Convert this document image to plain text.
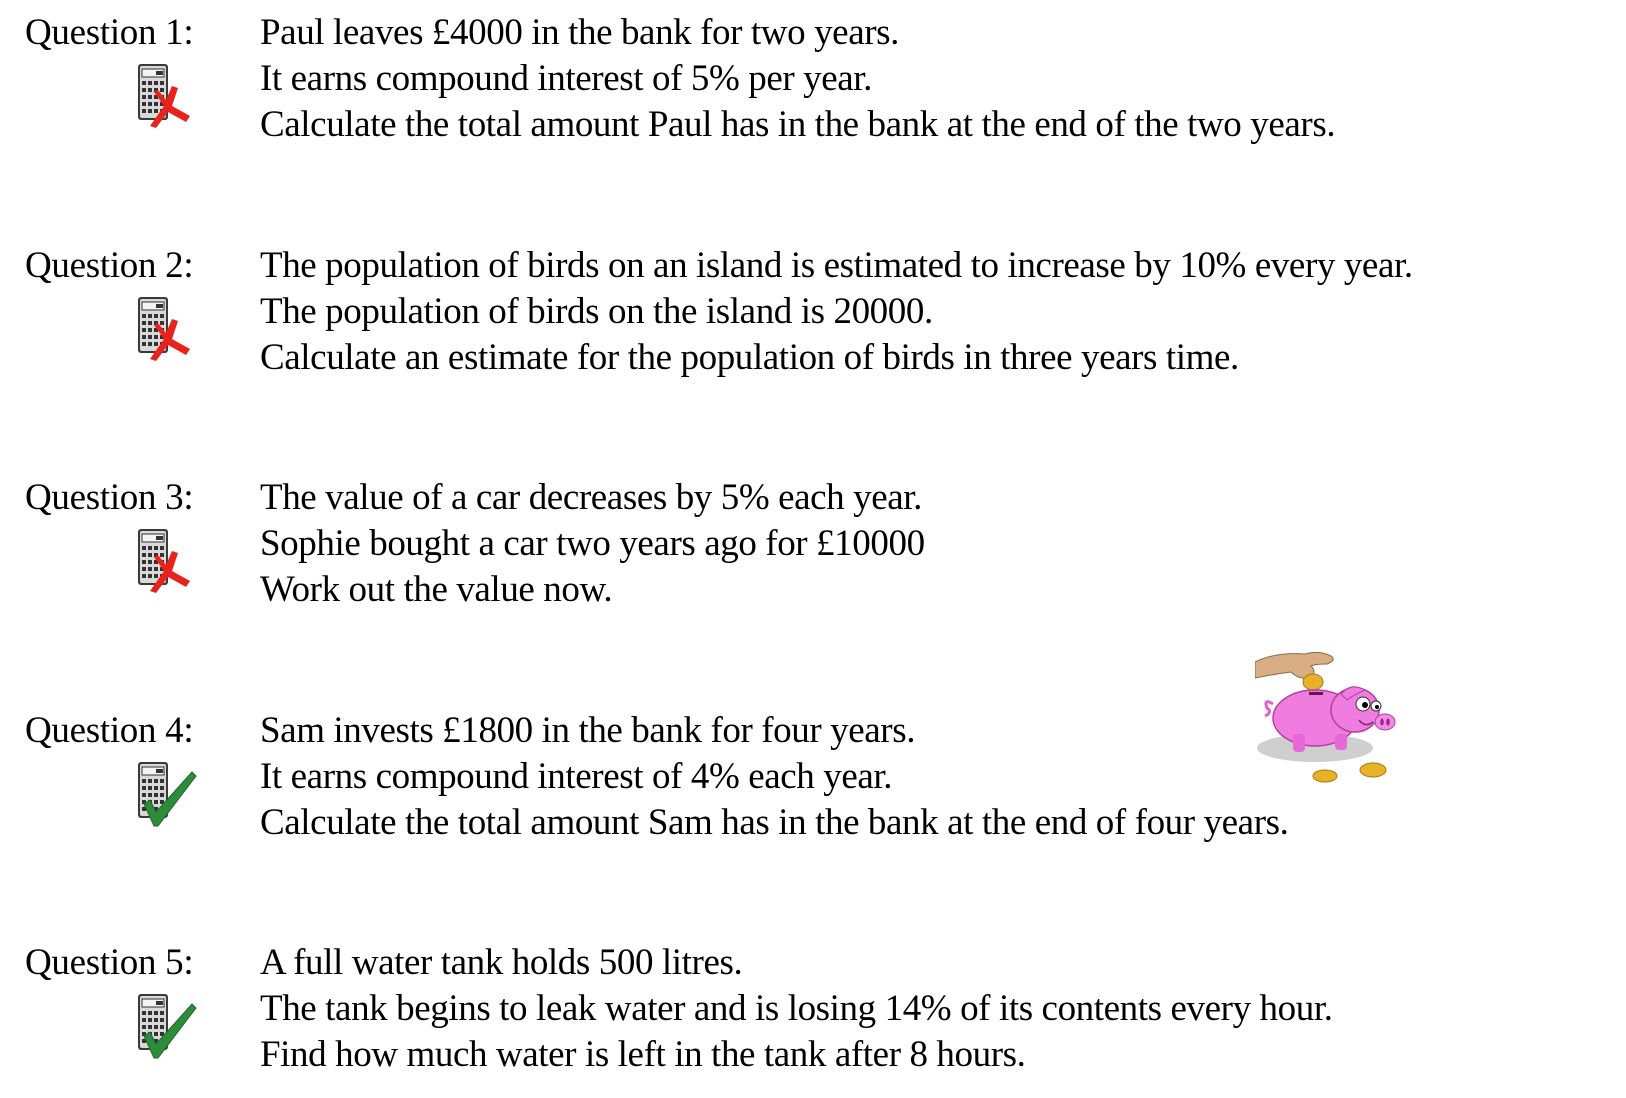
Question 1: Paul leaves £4000 in the bank for two years.
It earns compound interest of 5% per year.
Calculate the total amount Paul has in the bank at the end of the two years.
Question 2: The population of birds on an island is estimated to increase by 10% every year.
The population of birds on the island is 20000.
Calculate an estimate for the population of birds in three years time.
Question 3: The value of a car decreases by 5% each year.
Sophie bought a car two years ago for £10000
Work out the value now.
Question 4: Sam invests £1800 in the bank for four years.
It earns compound interest of 4% each year.
Calculate the total amount Sam has in the bank at the end of four years.
Question 5: A full water tank holds 500 litres.
The tank begins to leak water and is losing 14% of its contents every hour.
Find how much water is left in the tank after 8 hours.
